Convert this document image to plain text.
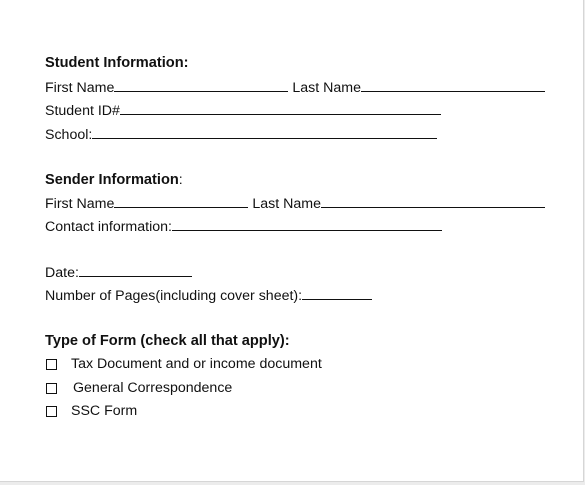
Student Information:
First Name	Last Name
Student ID#
School:
Sender Information:
First Name	Last Name
Contact information:
Date:
Number of Pages(including cover sheet):
Type of Form (check all that apply):
Tax Document and or income document
General Correspondence
SSC Form
